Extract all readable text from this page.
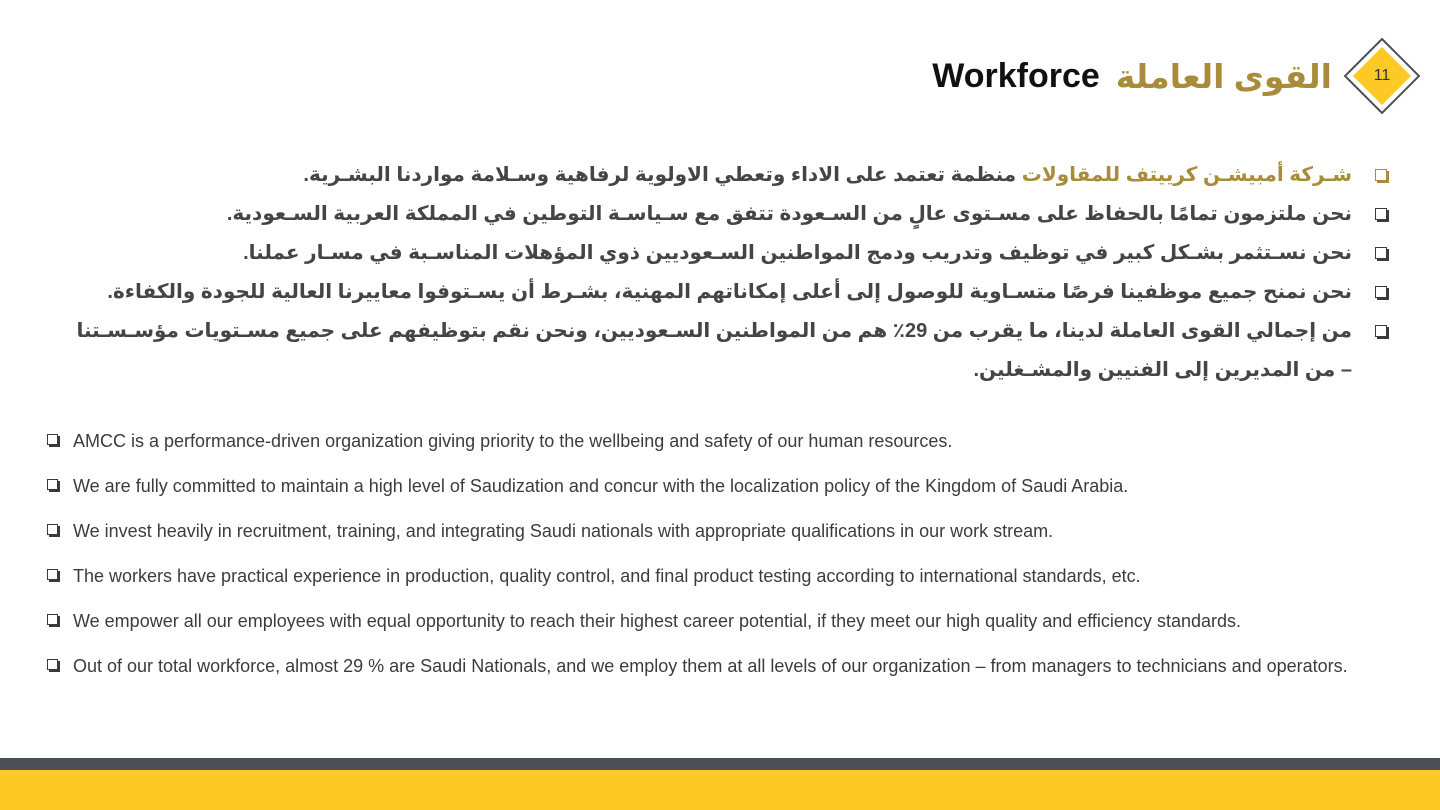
11
القوى العاملة
Workforce
شـركة أمبيشـن كرييتف للمقاولات منظمة تعتمد على الاداء وتعطي الاولوية لرفاهية وسـلامة مواردنا البشـرية.
نحن ملتزمون تمامًا بالحفاظ على مسـتوى عالٍ من السـعودة تتفق مع سـياسـة التوطين في المملكة العربية السـعودية.
نحن نسـتثمر بشـكل كبير في توظيف وتدريب ودمج المواطنين السـعوديين ذوي المؤهلات المناسـبة في مسـار عملنا.
نحن نمنح جميع موظفينا فرصًا متسـاوية للوصول إلى أعلى إمكاناتهم المهنية، بشـرط أن يسـتوفوا معاييرنا العالية للجودة والكفاءة.
من إجمالي القوى العاملة لدينا، ما يقرب من 29٪ هم من المواطنين السـعوديين، ونحن نقم بتوظيفهم على جميع مسـتويات مؤسـسـتنا – من المديرين إلى الفنيين والمشـغلين.
AMCC is a performance-driven organization giving priority to the wellbeing and safety of our human resources.
We are fully committed to maintain a high level of Saudization and concur with the localization policy of the Kingdom of Saudi Arabia.
We invest heavily in recruitment, training, and integrating Saudi nationals with appropriate qualifications in our work stream.
The workers have practical experience in production, quality control, and final product testing according to international standards, etc.
We empower all our employees with equal opportunity to reach their highest career potential, if they meet our high quality and efficiency standards.
Out of our total workforce, almost 29 % are Saudi Nationals, and we employ them at all levels of our organization – from managers to technicians and operators.
